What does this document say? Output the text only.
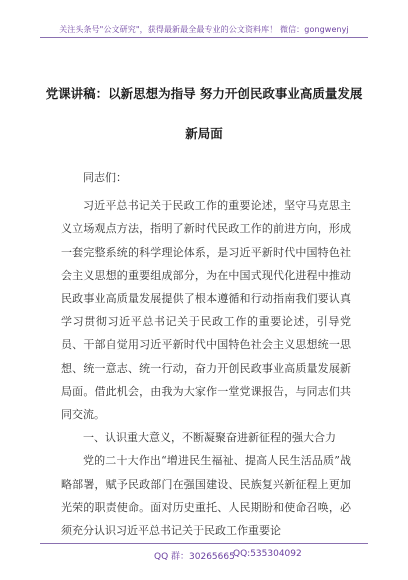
关注头条号"公文研究"，获得最新最全最专业的公文资料库！ 微信：gongwenyj
党课讲稿：以新思想为指导 努力开创民政事业高质量发展
新局面

同志们：

习近平总书记关于民政工作的重要论述，坚守马克思主义立场观点方法，指明了新时代民政工作的前进方向，形成一套完整系统的科学理论体系，是习近平新时代中国特色社会主义思想的重要组成部分，为在中国式现代化进程中推动民政事业高质量发展提供了根本遵循和行动指南我们要认真学习贯彻习近平总书记关于民政工作的重要论述，引导党员、干部自觉用习近平新时代中国特色社会主义思想统一思想、统一意志、统一行动，奋力开创民政事业高质量发展新局面。借此机会，由我为大家作一堂党课报告，与同志们共同交流。

一、认识重大意义，不断凝聚奋进新征程的强大合力

党的二十大作出“增进民生福祉、提高人民生活品质”战略部署，赋予民政部门在强国建设、民族复兴新征程上更加光荣的职责使命。面对历史重托、人民期盼和使命召唤，必须充分认识习近平总书记关于民政工作重要论

QQ 群：30265665
QQ:535304092
